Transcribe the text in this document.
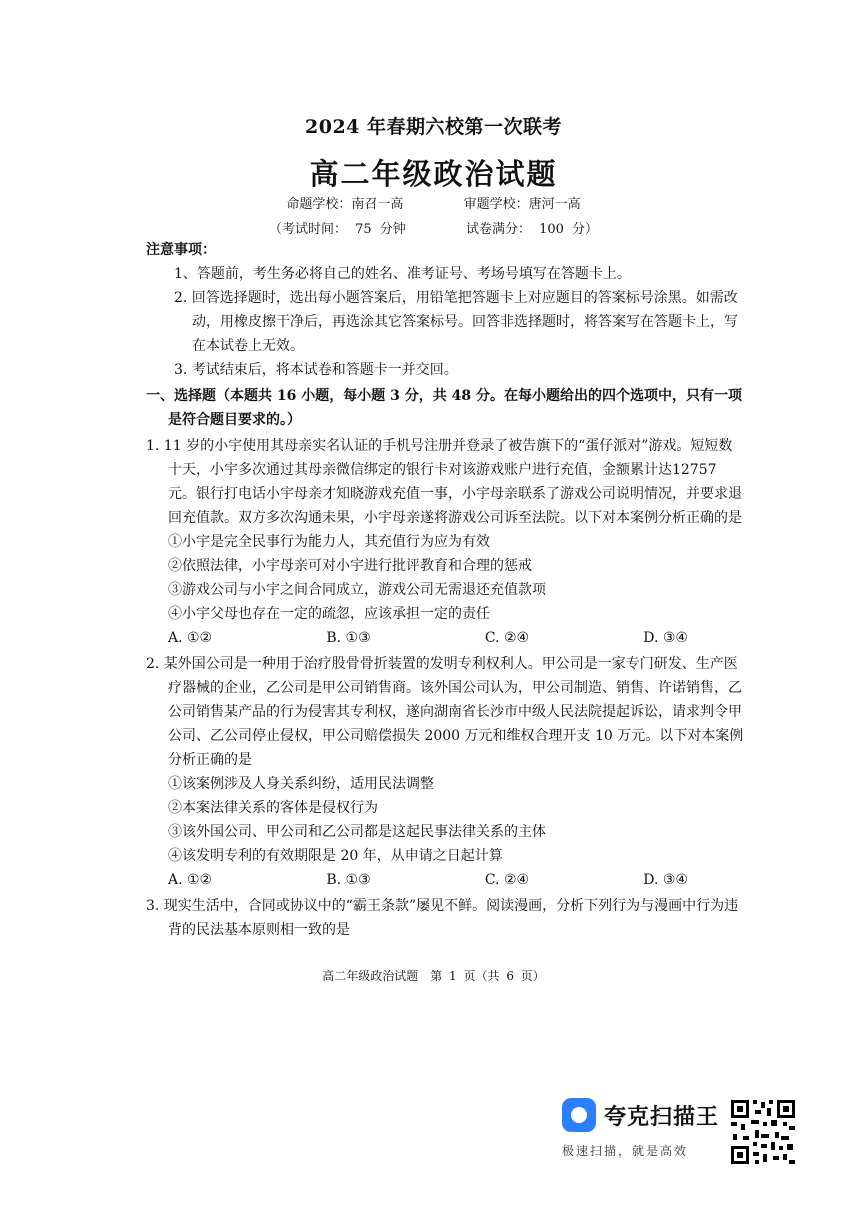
2024 年春期六校第一次联考
高二年级政治试题
命题学校：南召一高	审题学校：唐河一高
（考试时间： 75 分钟	试卷满分： 100 分）

注意事项：

1、答题前，考生务必将自己的姓名、准考证号、考场号填写在答题卡上。
2. 回答选择题时，选出每小题答案后，用铅笔把答题卡上对应题目的答案标号涂黑。如需改动，用橡皮擦干净后，再选涂其它答案标号。回答非选择题时，将答案写在答题卡上，写在本试卷上无效。
3. 考试结束后，将本试卷和答题卡一并交回。

一、选择题（本题共 16 小题，每小题 3 分，共 48 分。在每小题给出的四个选项中，只有一项是符合题目要求的。）

1. 11 岁的小宇使用其母亲实名认证的手机号注册并登录了被告旗下的“蛋仔派对”游戏。短短数十天，小宇多次通过其母亲微信绑定的银行卡对该游戏账户进行充值，金额累计达12757 元。银行打电话小宇母亲才知晓游戏充值一事，小宇母亲联系了游戏公司说明情况，并要求退回充值款。双方多次沟通未果，小宇母亲遂将游戏公司诉至法院。以下对本案例分析正确的是

①小宇是完全民事行为能力人，其充值行为应为有效

②依照法律，小宇母亲可对小宇进行批评教育和合理的惩戒

③游戏公司与小宇之间合同成立，游戏公司无需退还充值款项

④小宇父母也存在一定的疏忽，应该承担一定的责任

A. ①②	B. ①③	C. ②④	D. ③④
2. 某外国公司是一种用于治疗股骨骨折装置的发明专利权利人。甲公司是一家专门研发、生产医疗器械的企业，乙公司是甲公司销售商。该外国公司认为，甲公司制造、销售、许诺销售，乙公司销售某产品的行为侵害其专利权，遂向湖南省长沙市中级人民法院提起诉讼，请求判令甲公司、乙公司停止侵权，甲公司赔偿损失 2000 万元和维权合理开支 10 万元。以下对本案例分析正确的是

①该案例涉及人身关系纠纷，适用民法调整

②本案法律关系的客体是侵权行为

③该外国公司、甲公司和乙公司都是这起民事法律关系的主体

④该发明专利的有效期限是 20 年，从申请之日起计算

A. ①②	B. ①③	C. ②④	D. ③④
3. 现实生活中，合同或协议中的“霸王条款”屡见不鲜。阅读漫画，分析下列行为与漫画中行为违背的民法基本原则相一致的是
高二年级政治试题　第 1 页（共 6 页）
夸克扫描王
极速扫描，就是高效
